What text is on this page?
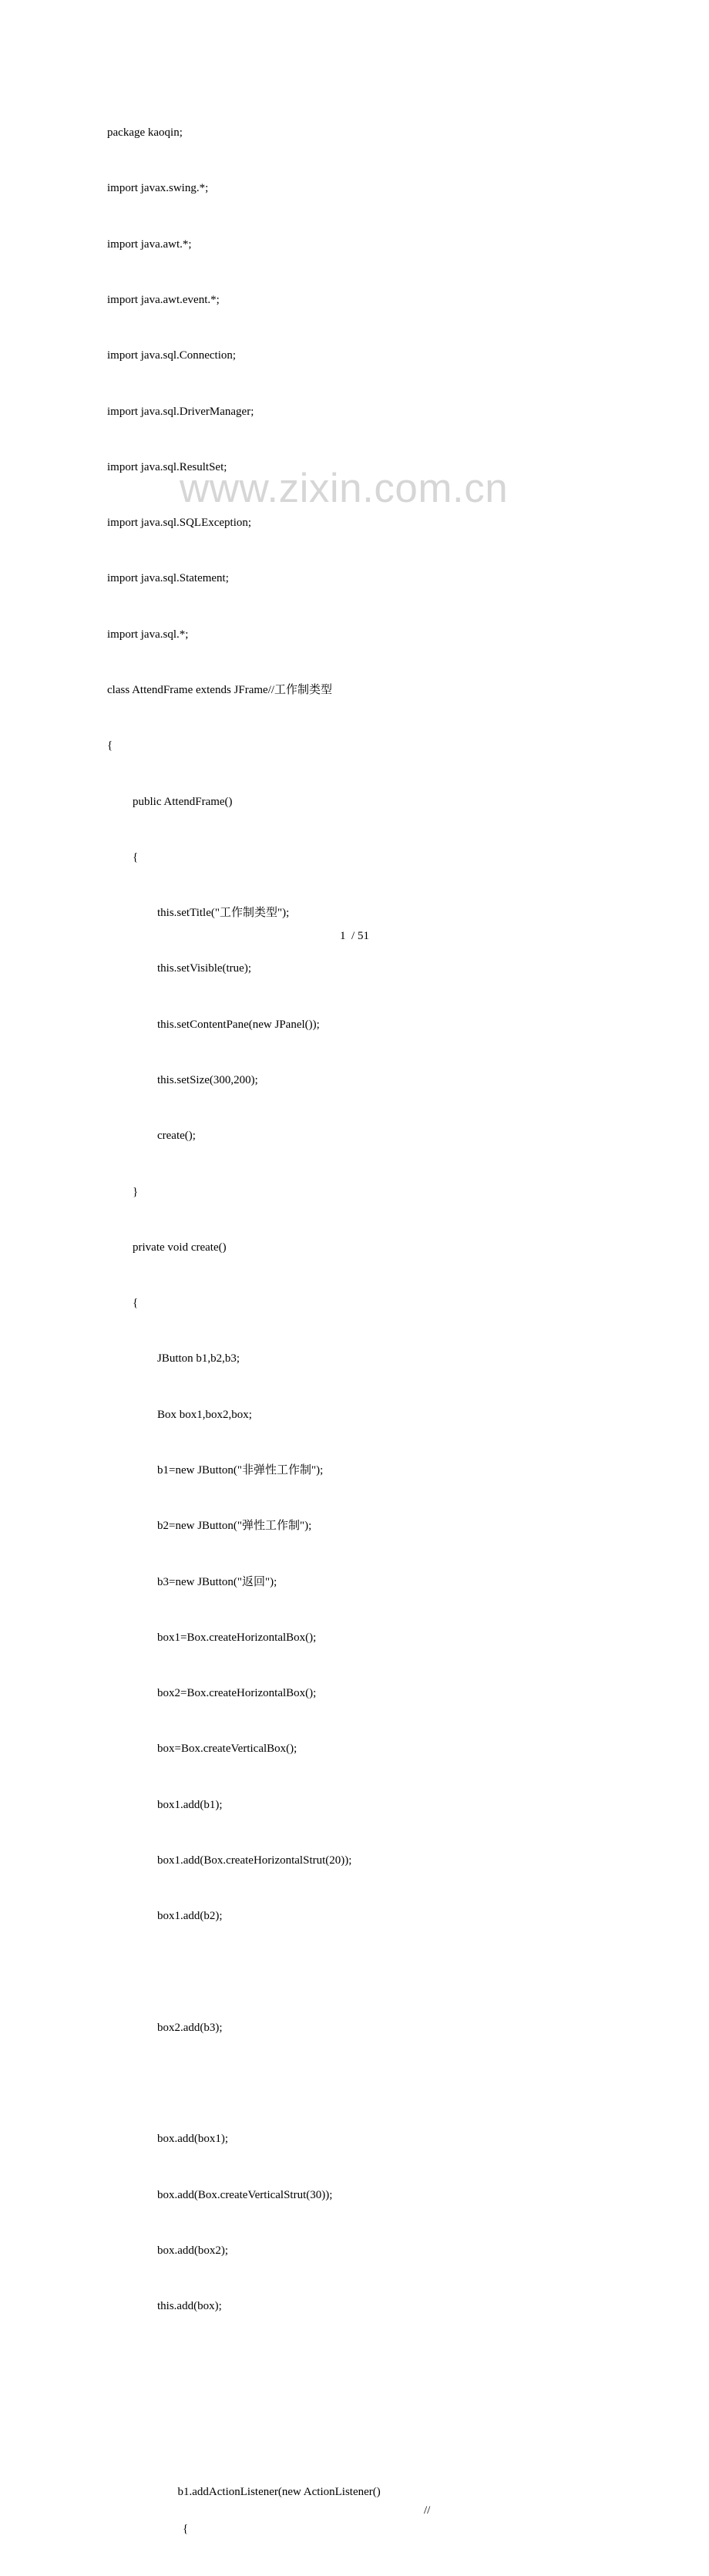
package kaoqin;

import javax.swing.*;

import java.awt.*;

import java.awt.event.*;

import java.sql.Connection;

import java.sql.DriverManager;

import java.sql.ResultSet;

import java.sql.SQLException;

import java.sql.Statement;

import java.sql.*;

class AttendFrame extends JFrame//工作制类型

{

public AttendFrame()

{

this.setTitle("工作制类型");

this.setVisible(true);

this.setContentPane(new JPanel());

this.setSize(300,200);

create();

}

private void create()

{

JButton b1,b2,b3;

Box box1,box2,box;

b1=new JButton("非弹性工作制");

b2=new JButton("弹性工作制");

b3=new JButton("返回");

box1=Box.createHorizontalBox();

box2=Box.createHorizontalBox();

box=Box.createVerticalBox();

box1.add(b1);

box1.add(Box.createHorizontalStrut(20));

box1.add(b2);

box2.add(b3);

box.add(box1);

box.add(Box.createVerticalStrut(30));

box.add(box2);

this.add(box);

b1.addActionListener(new ActionListener()

//

{

www.zixin.com.cn
1 / 51
